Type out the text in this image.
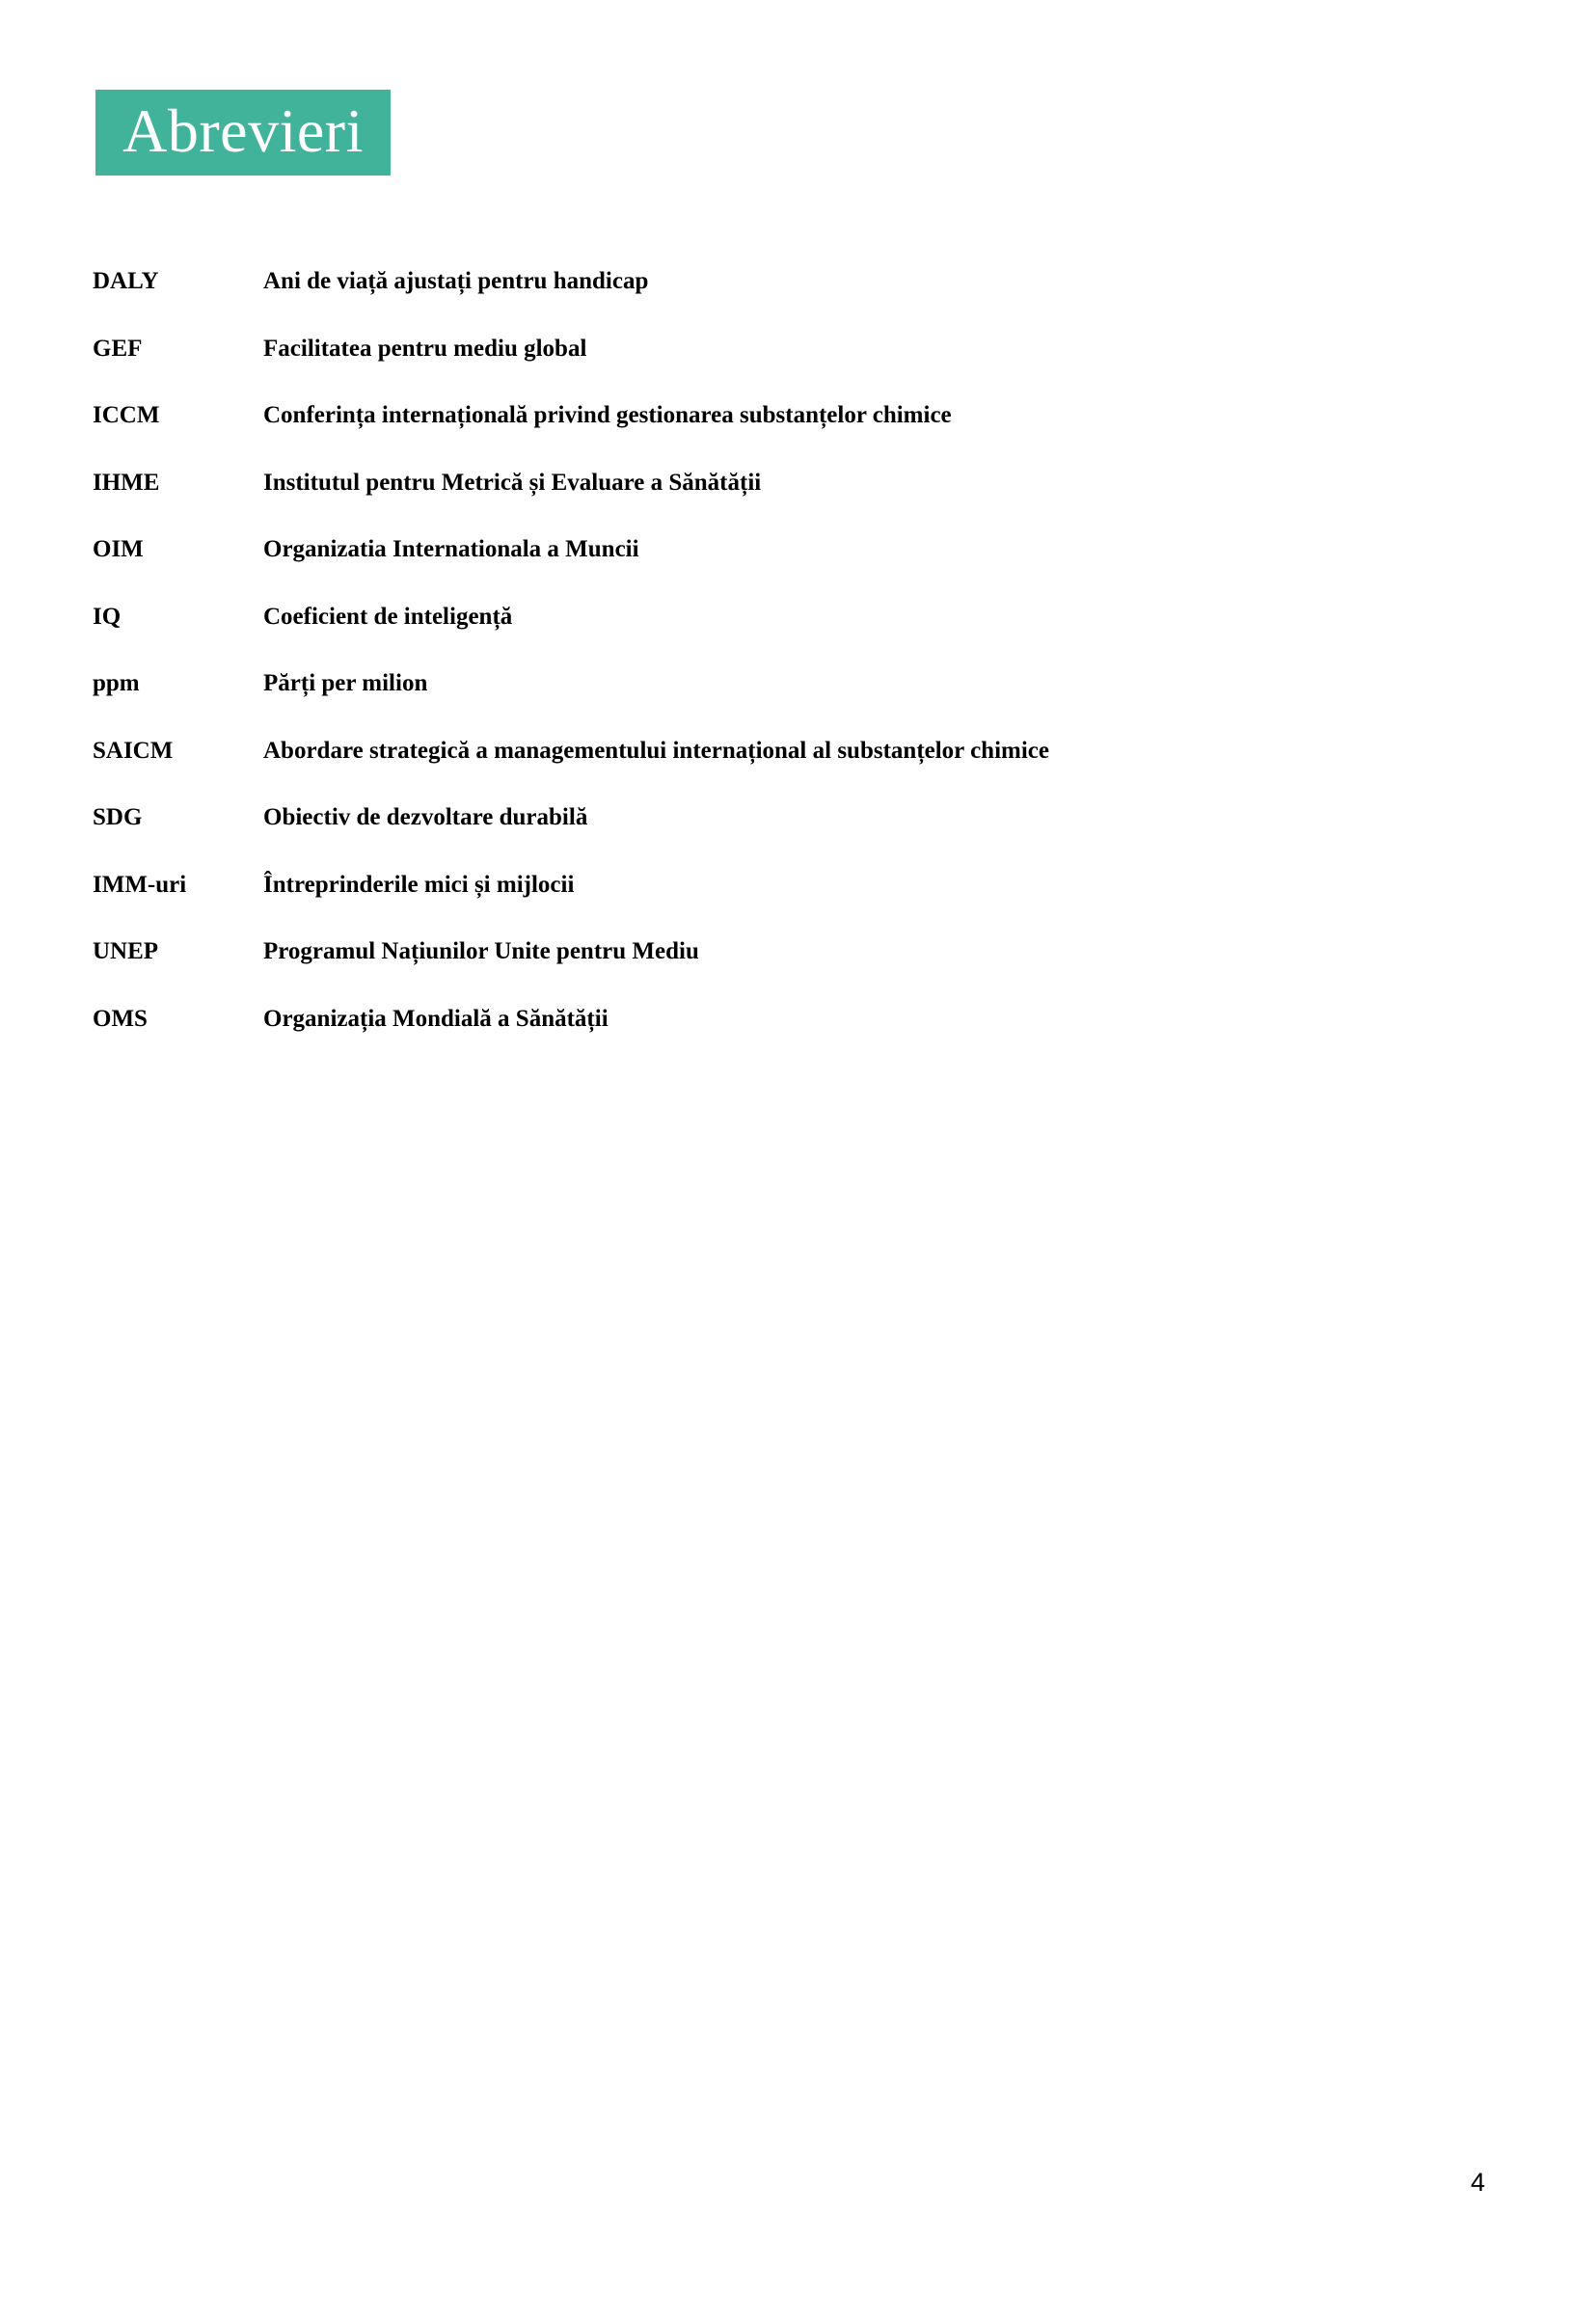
Abrevieri
DALY	Ani de viață ajustați pentru handicap
GEF	Facilitatea pentru mediu global
ICCM	Conferința internațională privind gestionarea substanțelor chimice
IHME	Institutul pentru Metrică și Evaluare a Sănătății
OIM	Organizatia Internationala a Muncii
IQ	Coeficient de inteligență
ppm	Părți per milion
SAICM	Abordare strategică a managementului internațional al substanțelor chimice
SDG	Obiectiv de dezvoltare durabilă
IMM-uri	Întreprinderile mici și mijlocii
UNEP	Programul Națiunilor Unite pentru Mediu
OMS	Organizația Mondială a Sănătății
4
